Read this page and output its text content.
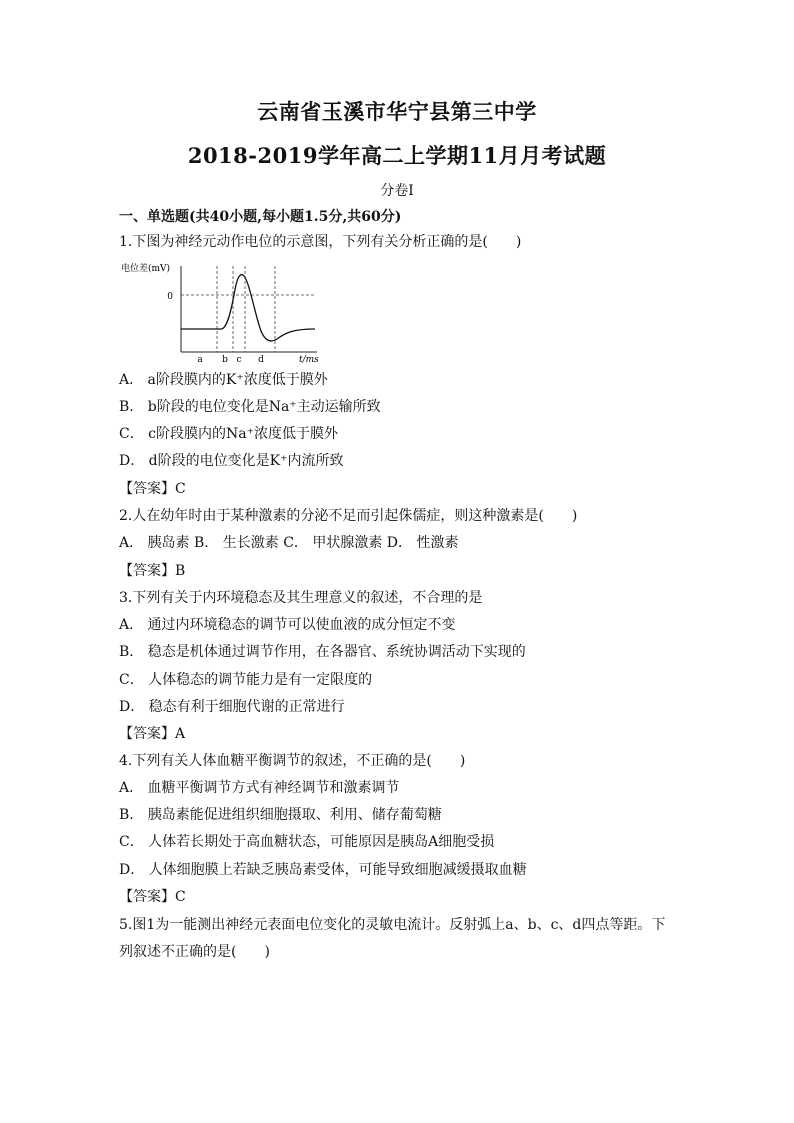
云南省玉溪市华宁县第三中学
2018-2019学年高二上学期11月月考试题
分卷I
一、单选题(共40小题,每小题1.5分,共60分)
1.下图为神经元动作电位的示意图，下列有关分析正确的是(　　)
电位差(mV)
0
a b c d	t/ms
A． a阶段膜内的K⁺浓度低于膜外
B． b阶段的电位变化是Na⁺主动运输所致
C． c阶段膜内的Na⁺浓度低于膜外
D． d阶段的电位变化是K⁺内流所致
【答案】C
2.人在幼年时由于某种激素的分泌不足而引起侏儒症，则这种激素是(　　)
A． 胰岛素 B． 生长激素 C． 甲状腺激素 D． 性激素
【答案】B
3.下列有关于内环境稳态及其生理意义的叙述，不合理的是
A． 通过内环境稳态的调节可以使血液的成分恒定不变
B． 稳态是机体通过调节作用，在各器官、系统协调活动下实现的
C． 人体稳态的调节能力是有一定限度的
D． 稳态有利于细胞代谢的正常进行
【答案】A
4.下列有关人体血糖平衡调节的叙述，不正确的是(　　)
A． 血糖平衡调节方式有神经调节和激素调节
B． 胰岛素能促进组织细胞摄取、利用、储存葡萄糖
C． 人体若长期处于高血糖状态，可能原因是胰岛A细胞受损
D． 人体细胞膜上若缺乏胰岛素受体，可能导致细胞减缓摄取血糖
【答案】C
5.图1为一能测出神经元表面电位变化的灵敏电流计。反射弧上a、b、c、d四点等距。下
列叙述不正确的是(　　)
